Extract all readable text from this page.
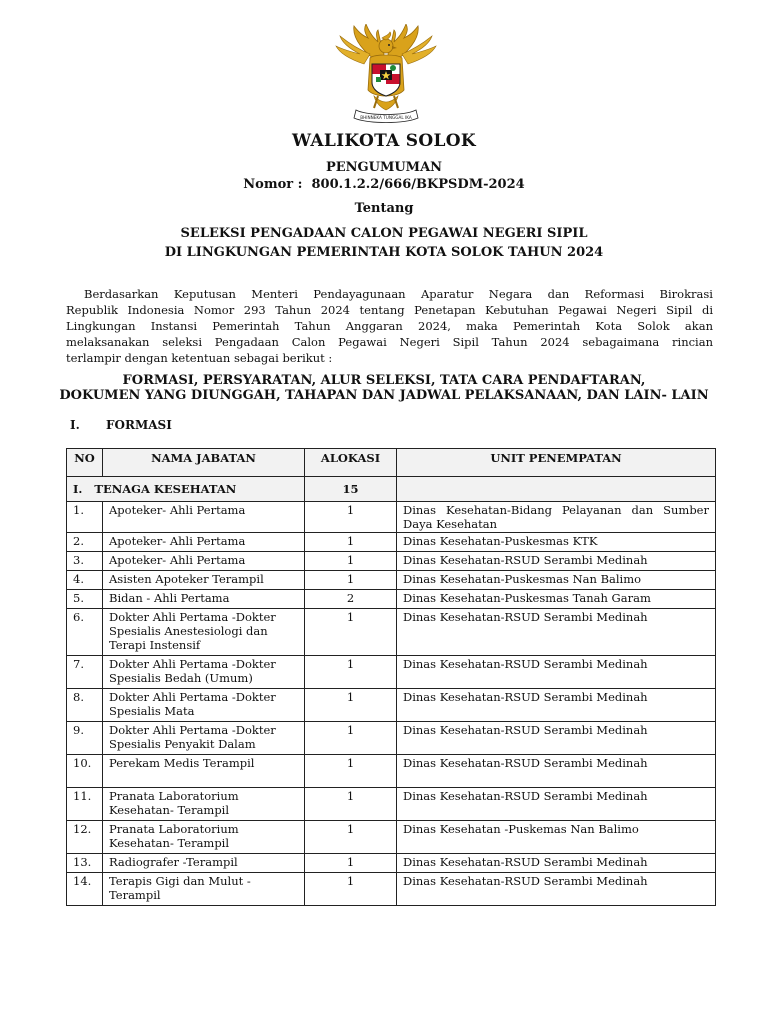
BHINNEKA TUNGGAL IKA
WALIKOTA SOLOK
PENGUMUMAN
Nomor :  800.1.2.2/666/BKPSDM-2024
Tentang
SELEKSI PENGADAAN CALON PEGAWAI NEGERI SIPIL
DI LINGKUNGAN PEMERINTAH KOTA SOLOK TAHUN 2024
Berdasarkan Keputusan Menteri Pendayagunaan Aparatur Negara dan Reformasi Birokrasi
Republik Indonesia Nomor 293 Tahun 2024 tentang Penetapan Kebutuhan Pegawai Negeri Sipil di
Lingkungan Instansi Pemerintah Tahun Anggaran 2024, maka Pemerintah Kota Solok akan
melaksanakan seleksi Pengadaan Calon Pegawai Negeri Sipil Tahun 2024 sebagaimana rincian
terlampir dengan ketentuan sebagai berikut :
FORMASI, PERSYARATAN, ALUR SELEKSI, TATA CARA PENDAFTARAN,
DOKUMEN YANG DIUNGGAH, TAHAPAN DAN JADWAL PELAKSANAAN, DAN LAIN- LAIN
I. FORMASI
NO	NAMA JABATAN	ALOKASI	UNIT PENEMPATAN
I.   TENAGA KESEHATAN		15	
1.	Apoteker- Ahli Pertama	1	Dinas Kesehatan-Bidang Pelayanan dan Sumber Daya Kesehatan
2.	Apoteker- Ahli Pertama	1	Dinas Kesehatan-Puskesmas KTK
3.	Apoteker- Ahli Pertama	1	Dinas Kesehatan-RSUD Serambi Medinah
4.	Asisten Apoteker Terampil	1	Dinas Kesehatan-Puskesmas Nan Balimo
5.	Bidan - Ahli Pertama	2	Dinas Kesehatan-Puskesmas Tanah Garam
6.	Dokter Ahli Pertama -Dokter Spesialis Anestesiologi dan Terapi Instensif	1	Dinas Kesehatan-RSUD Serambi Medinah
7.	Dokter Ahli Pertama -Dokter Spesialis Bedah (Umum)	1	Dinas Kesehatan-RSUD Serambi Medinah
8.	Dokter Ahli Pertama -Dokter Spesialis Mata	1	Dinas Kesehatan-RSUD Serambi Medinah
9.	Dokter Ahli Pertama -Dokter Spesialis Penyakit Dalam	1	Dinas Kesehatan-RSUD Serambi Medinah
10.	Perekam Medis Terampil	1	Dinas Kesehatan-RSUD Serambi Medinah
11.	Pranata Laboratorium Kesehatan- Terampil	1	Dinas Kesehatan-RSUD Serambi Medinah
12.	Pranata Laboratorium Kesehatan- Terampil	1	Dinas Kesehatan -Puskemas Nan Balimo
13.	Radiografer -Terampil	1	Dinas Kesehatan-RSUD Serambi Medinah
14.	Terapis Gigi dan Mulut - Terampil	1	Dinas Kesehatan-RSUD Serambi Medinah
